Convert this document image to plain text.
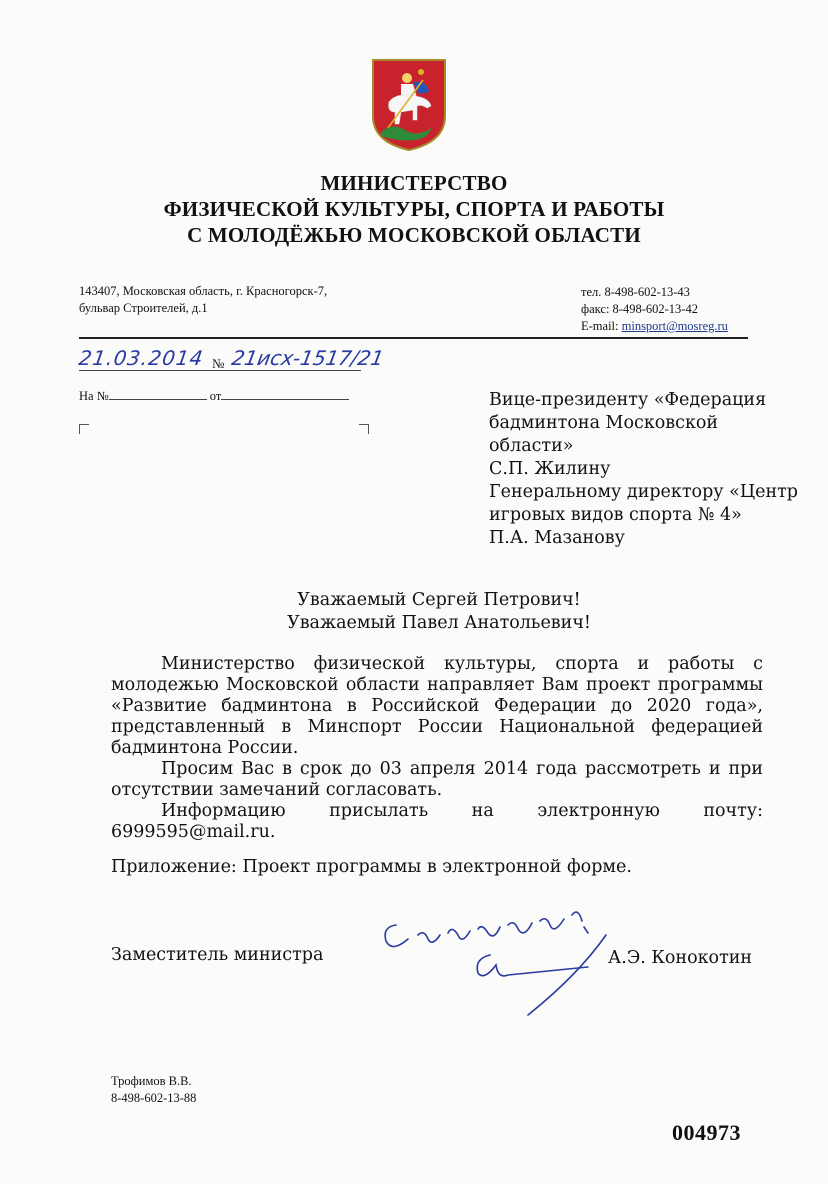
МИНИСТЕРСТВО
ФИЗИЧЕСКОЙ КУЛЬТУРЫ, СПОРТА И РАБОТЫ
С МОЛОДЁЖЬЮ МОСКОВСКОЙ ОБЛАСТИ
143407, Московская область, г. Красногорск-7,
бульвар Строителей, д.1
тел. 8-498-602-13-43
факс: 8-498-602-13-42
E-mail: minsport@mosreg.ru
21.03.2014 № 21исх-1517/21
На №	от	Вице-президенту «Федерация
бадминтона Московской
области»
С.П. Жилину
Генеральному директору «Центр
игровых видов спорта № 4»
П.А. Мазанову
Уважаемый Сергей Петрович!
Уважаемый Павел Анатольевич!

Министерство физической культуры, спорта и работы с молодежью Московской области направляет Вам проект программы «Развитие бадминтона в Российской Федерации до 2020 года», представленный в Минспорт России Национальной федерацией бадминтона России.

Просим Вас в срок до 03 апреля 2014 года рассмотреть и при отсутствии замечаний согласовать.

Информацию присылать на электронную почту: 6999595@mail.ru.

Приложение: Проект программы в электронной форме.
Заместитель министра	А.Э. Конокотин
Трофимов В.В.
8-498-602-13-88
004973
